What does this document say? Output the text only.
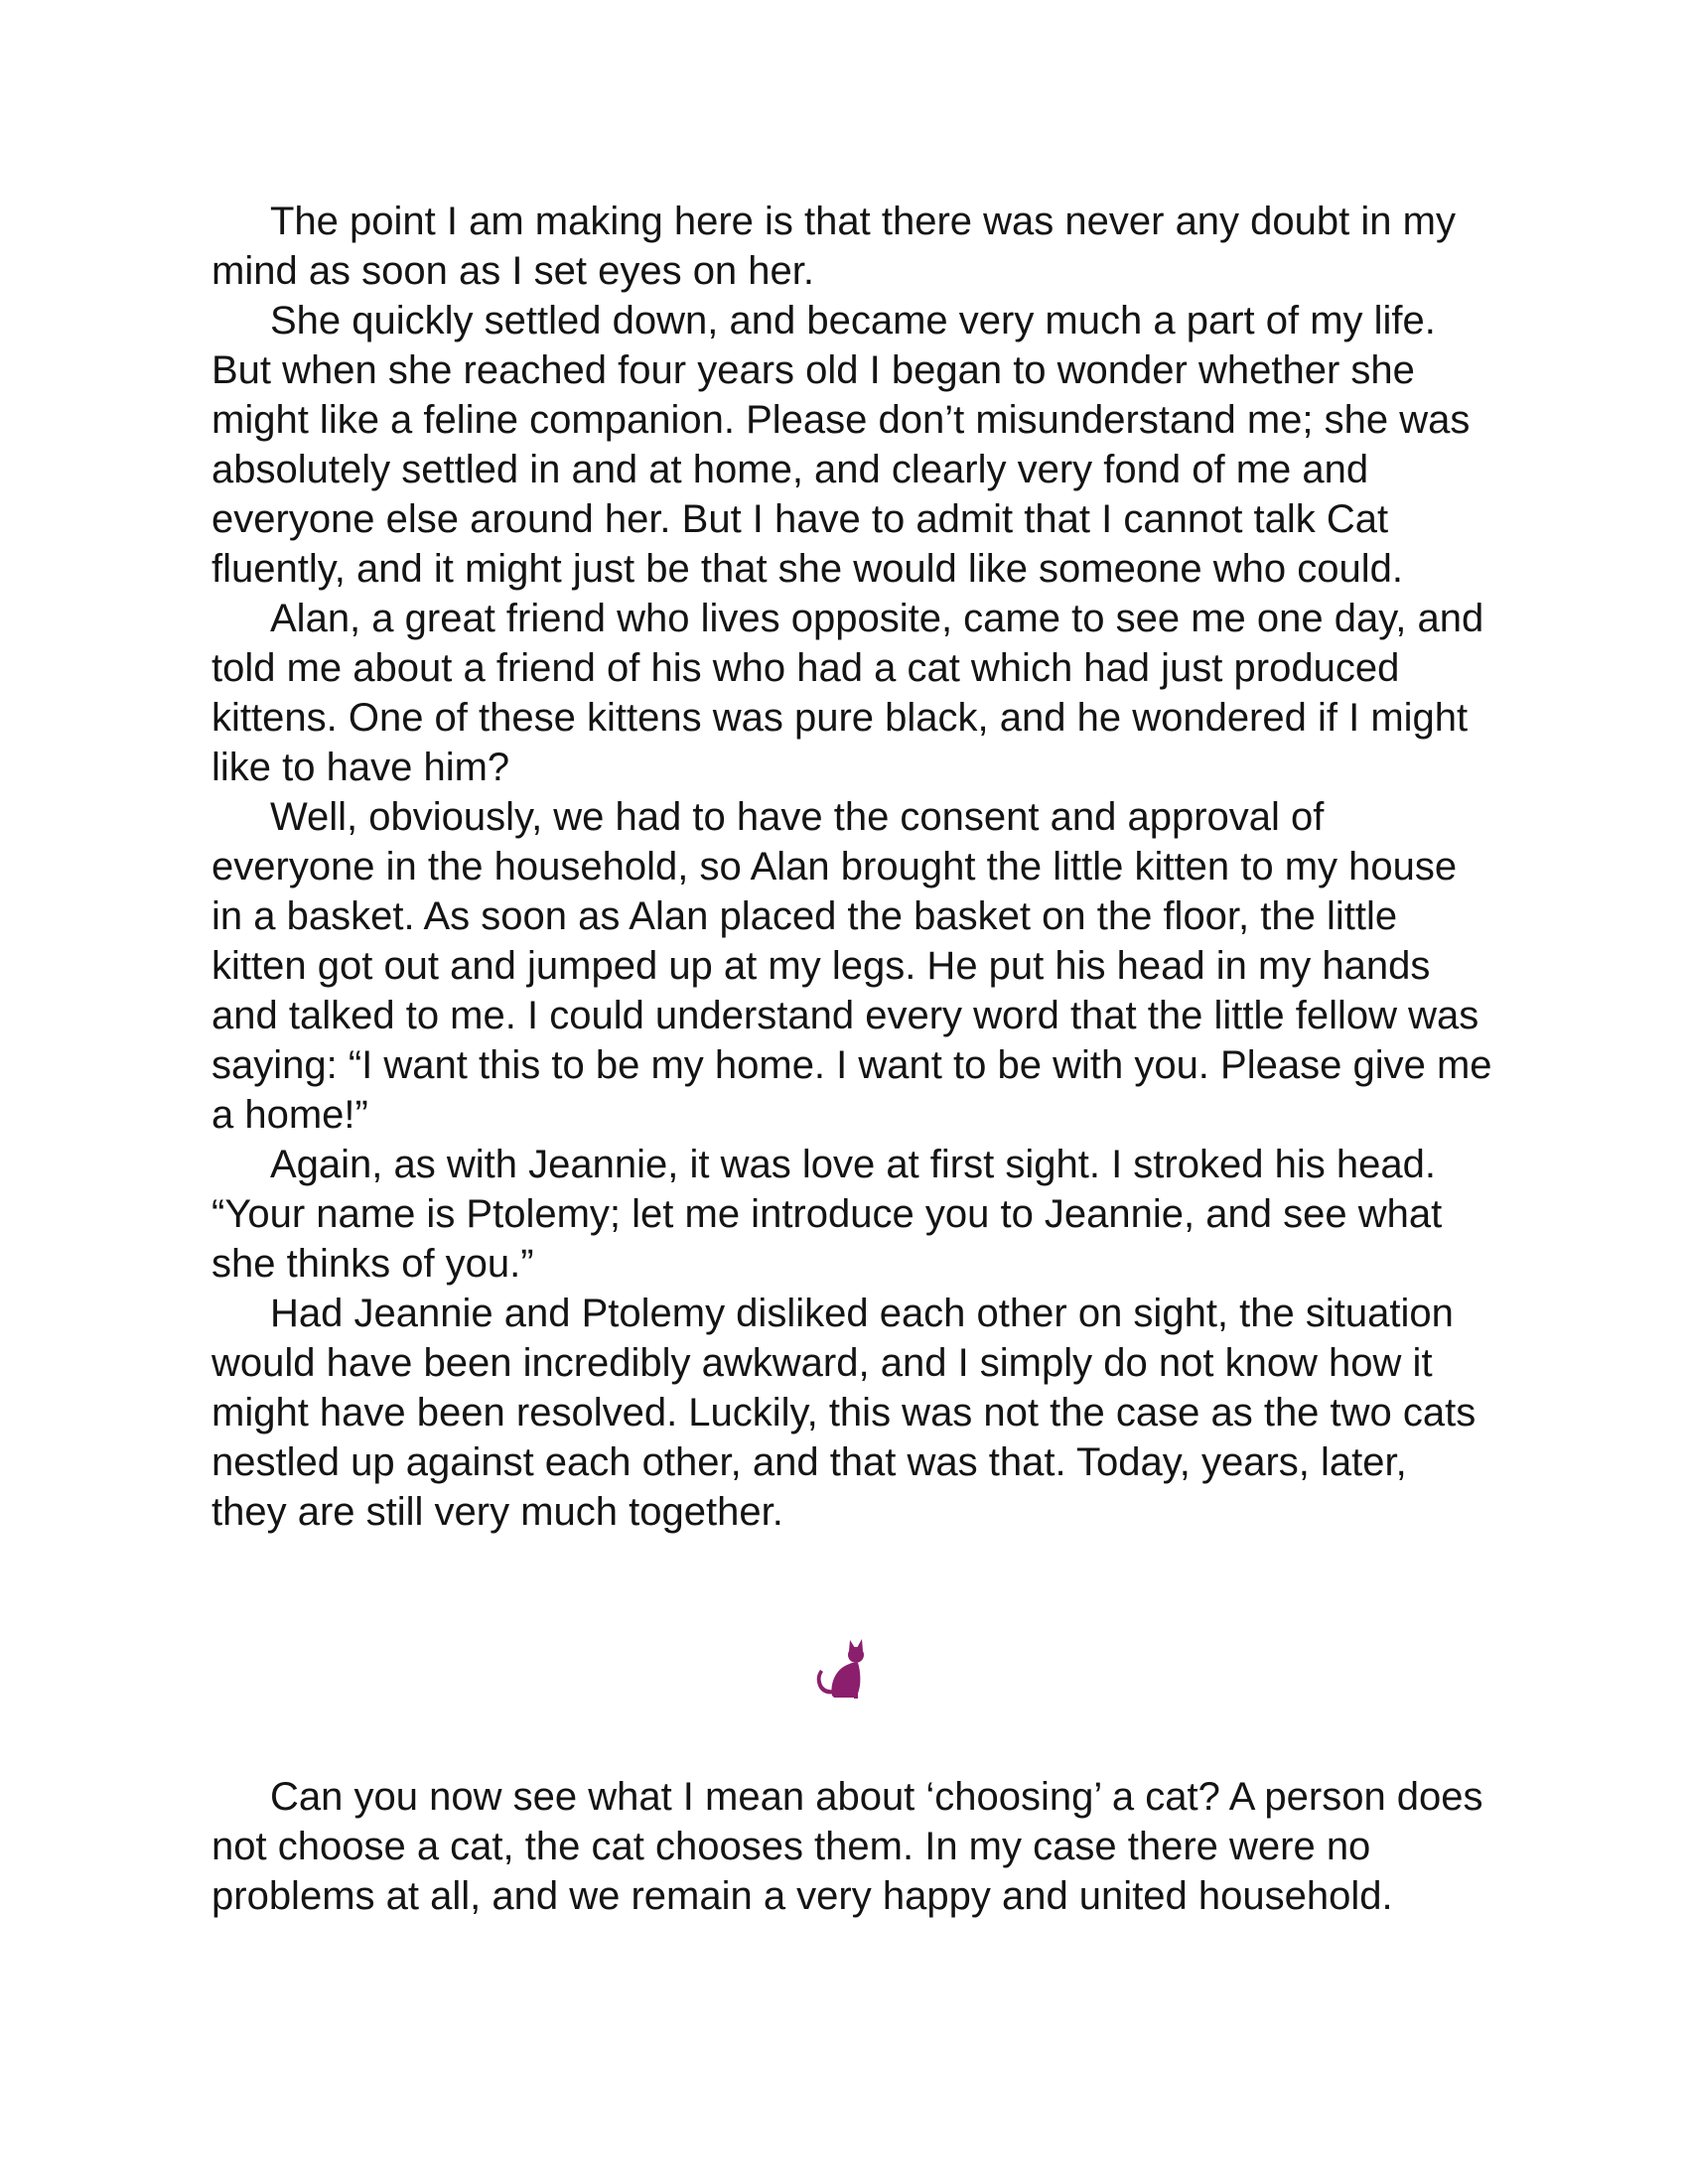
The point I am making here is that there was never any doubt in my mind as soon as I set eyes on her.

She quickly settled down, and became very much a part of my life. But when she reached four years old I began to wonder whether she might like a feline companion. Please don’t misunderstand me; she was absolutely settled in and at home, and clearly very fond of me and everyone else around her. But I have to admit that I cannot talk Cat fluently, and it might just be that she would like someone who could.

Alan, a great friend who lives opposite, came to see me one day, and told me about a friend of his who had a cat which had just produced kittens. One of these kittens was pure black, and he wondered if I might like to have him?

Well, obviously, we had to have the consent and approval of everyone in the household, so Alan brought the little kitten to my house in a basket. As soon as Alan placed the basket on the floor, the little kitten got out and jumped up at my legs. He put his head in my hands and talked to me. I could understand every word that the little fellow was saying: “I want this to be my home. I want to be with you. Please give me a home!”

Again, as with Jeannie, it was love at first sight. I stroked his head. “Your name is Ptolemy; let me introduce you to Jeannie, and see what she thinks of you.”

Had Jeannie and Ptolemy disliked each other on sight, the situation would have been incredibly awkward, and I simply do not know how it might have been resolved. Luckily, this was not the case as the two cats nestled up against each other, and that was that. Today, years, later, they are still very much together.

Can you now see what I mean about ‘choosing’ a cat? A person does not choose a cat, the cat chooses them. In my case there were no problems at all, and we remain a very happy and united household.
